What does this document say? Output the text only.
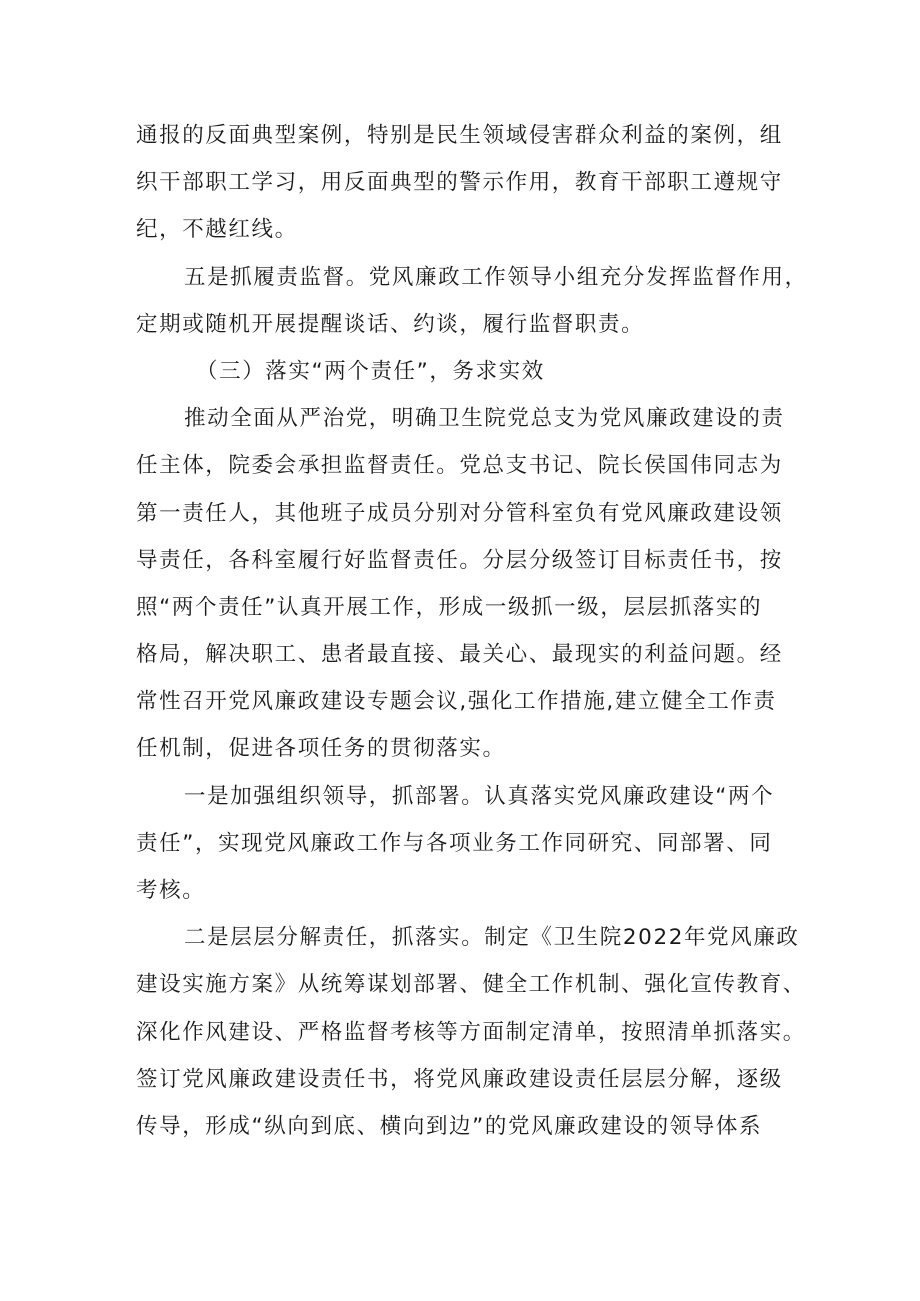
通报的反面典型案例，特别是民生领域侵害群众利益的案例，组
织干部职工学习，用反面典型的警示作用，教育干部职工遵规守
纪，不越红线。
五是抓履责监督。党风廉政工作领导小组充分发挥监督作用，
定期或随机开展提醒谈话、约谈，履行监督职责。
（三）落实“两个责任”，务求实效
推动全面从严治党，明确卫生院党总支为党风廉政建设的责
任主体，院委会承担监督责任。党总支书记、院长侯国伟同志为
第一责任人，其他班子成员分别对分管科室负有党风廉政建设领
导责任，各科室履行好监督责任。分层分级签订目标责任书，按
照“两个责任”认真开展工作，形成一级抓一级，层层抓落实的
格局，解决职工、患者最直接、最关心、最现实的利益问题。经
常性召开党风廉政建设专题会议,强化工作措施,建立健全工作责
任机制，促进各项任务的贯彻落实。
一是加强组织领导，抓部署。认真落实党风廉政建设“两个
责任”，实现党风廉政工作与各项业务工作同研究、同部署、同
考核。
二是层层分解责任，抓落实。制定《卫生院2022年党风廉政
建设实施方案》从统筹谋划部署、健全工作机制、强化宣传教育、
深化作风建设、严格监督考核等方面制定清单，按照清单抓落实。
签订党风廉政建设责任书，将党风廉政建设责任层层分解，逐级
传导，形成“纵向到底、横向到边”的党风廉政建设的领导体系
